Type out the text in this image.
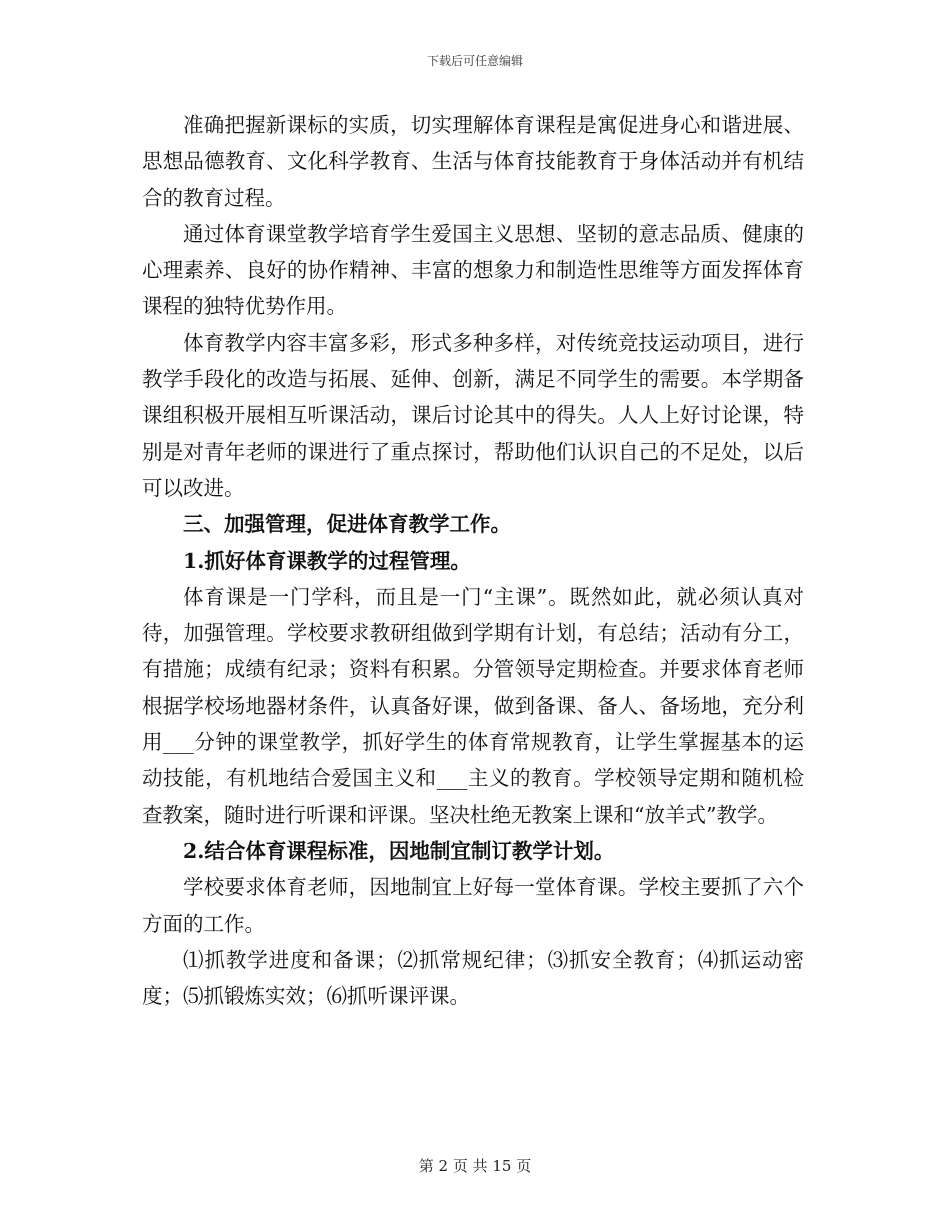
下载后可任意编辑

准确把握新课标的实质，切实理解体育课程是寓促进身心和谐进展、思想品德教育、文化科学教育、生活与体育技能教育于身体活动并有机结合的教育过程。

通过体育课堂教学培育学生爱国主义思想、坚韧的意志品质、健康的心理素养、良好的协作精神、丰富的想象力和制造性思维等方面发挥体育课程的独特优势作用。

体育教学内容丰富多彩，形式多种多样，对传统竞技运动项目，进行教学手段化的改造与拓展、延伸、创新，满足不同学生的需要。本学期备课组积极开展相互听课活动，课后讨论其中的得失。人人上好讨论课，特别是对青年老师的课进行了重点探讨，帮助他们认识自己的不足处，以后可以改进。

三、加强管理，促进体育教学工作。

1.抓好体育课教学的过程管理。

体育课是一门学科，而且是一门“主课”。既然如此，就必须认真对待，加强管理。学校要求教研组做到学期有计划，有总结；活动有分工，有措施；成绩有纪录；资料有积累。分管领导定期检查。并要求体育老师根据学校场地器材条件，认真备好课，做到备课、备人、备场地，充分利用___分钟的课堂教学，抓好学生的体育常规教育，让学生掌握基本的运动技能，有机地结合爱国主义和___主义的教育。学校领导定期和随机检查教案，随时进行听课和评课。坚决杜绝无教案上课和“放羊式”教学。

2.结合体育课程标准，因地制宜制订教学计划。

学校要求体育老师，因地制宜上好每一堂体育课。学校主要抓了六个方面的工作。

⑴抓教学进度和备课；⑵抓常规纪律；⑶抓安全教育；⑷抓运动密度；⑸抓锻炼实效；⑹抓听课评课。

第 2 页 共 15 页
